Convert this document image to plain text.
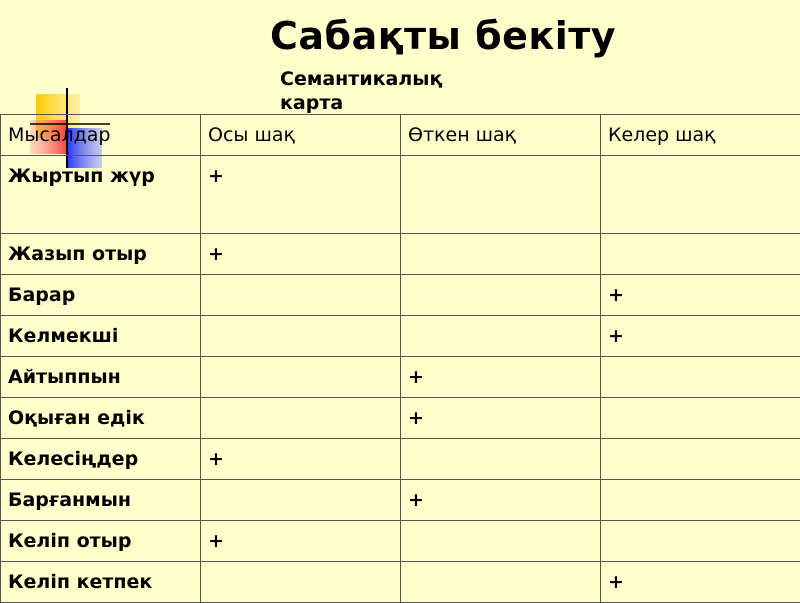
Сабақты бекіту
Семантикалық карта
Мысалдар	Осы шақ	Өткен шақ	Келер шақ
Жыртып жүр	+		
Жазып отыр	+		
Барар			+
Келмекші			+
Айтыппын		+	
Оқыған едік		+	
Келесіңдер	+		
Барғанмын		+	
Келіп отыр	+		
Келіп кетпек			+
